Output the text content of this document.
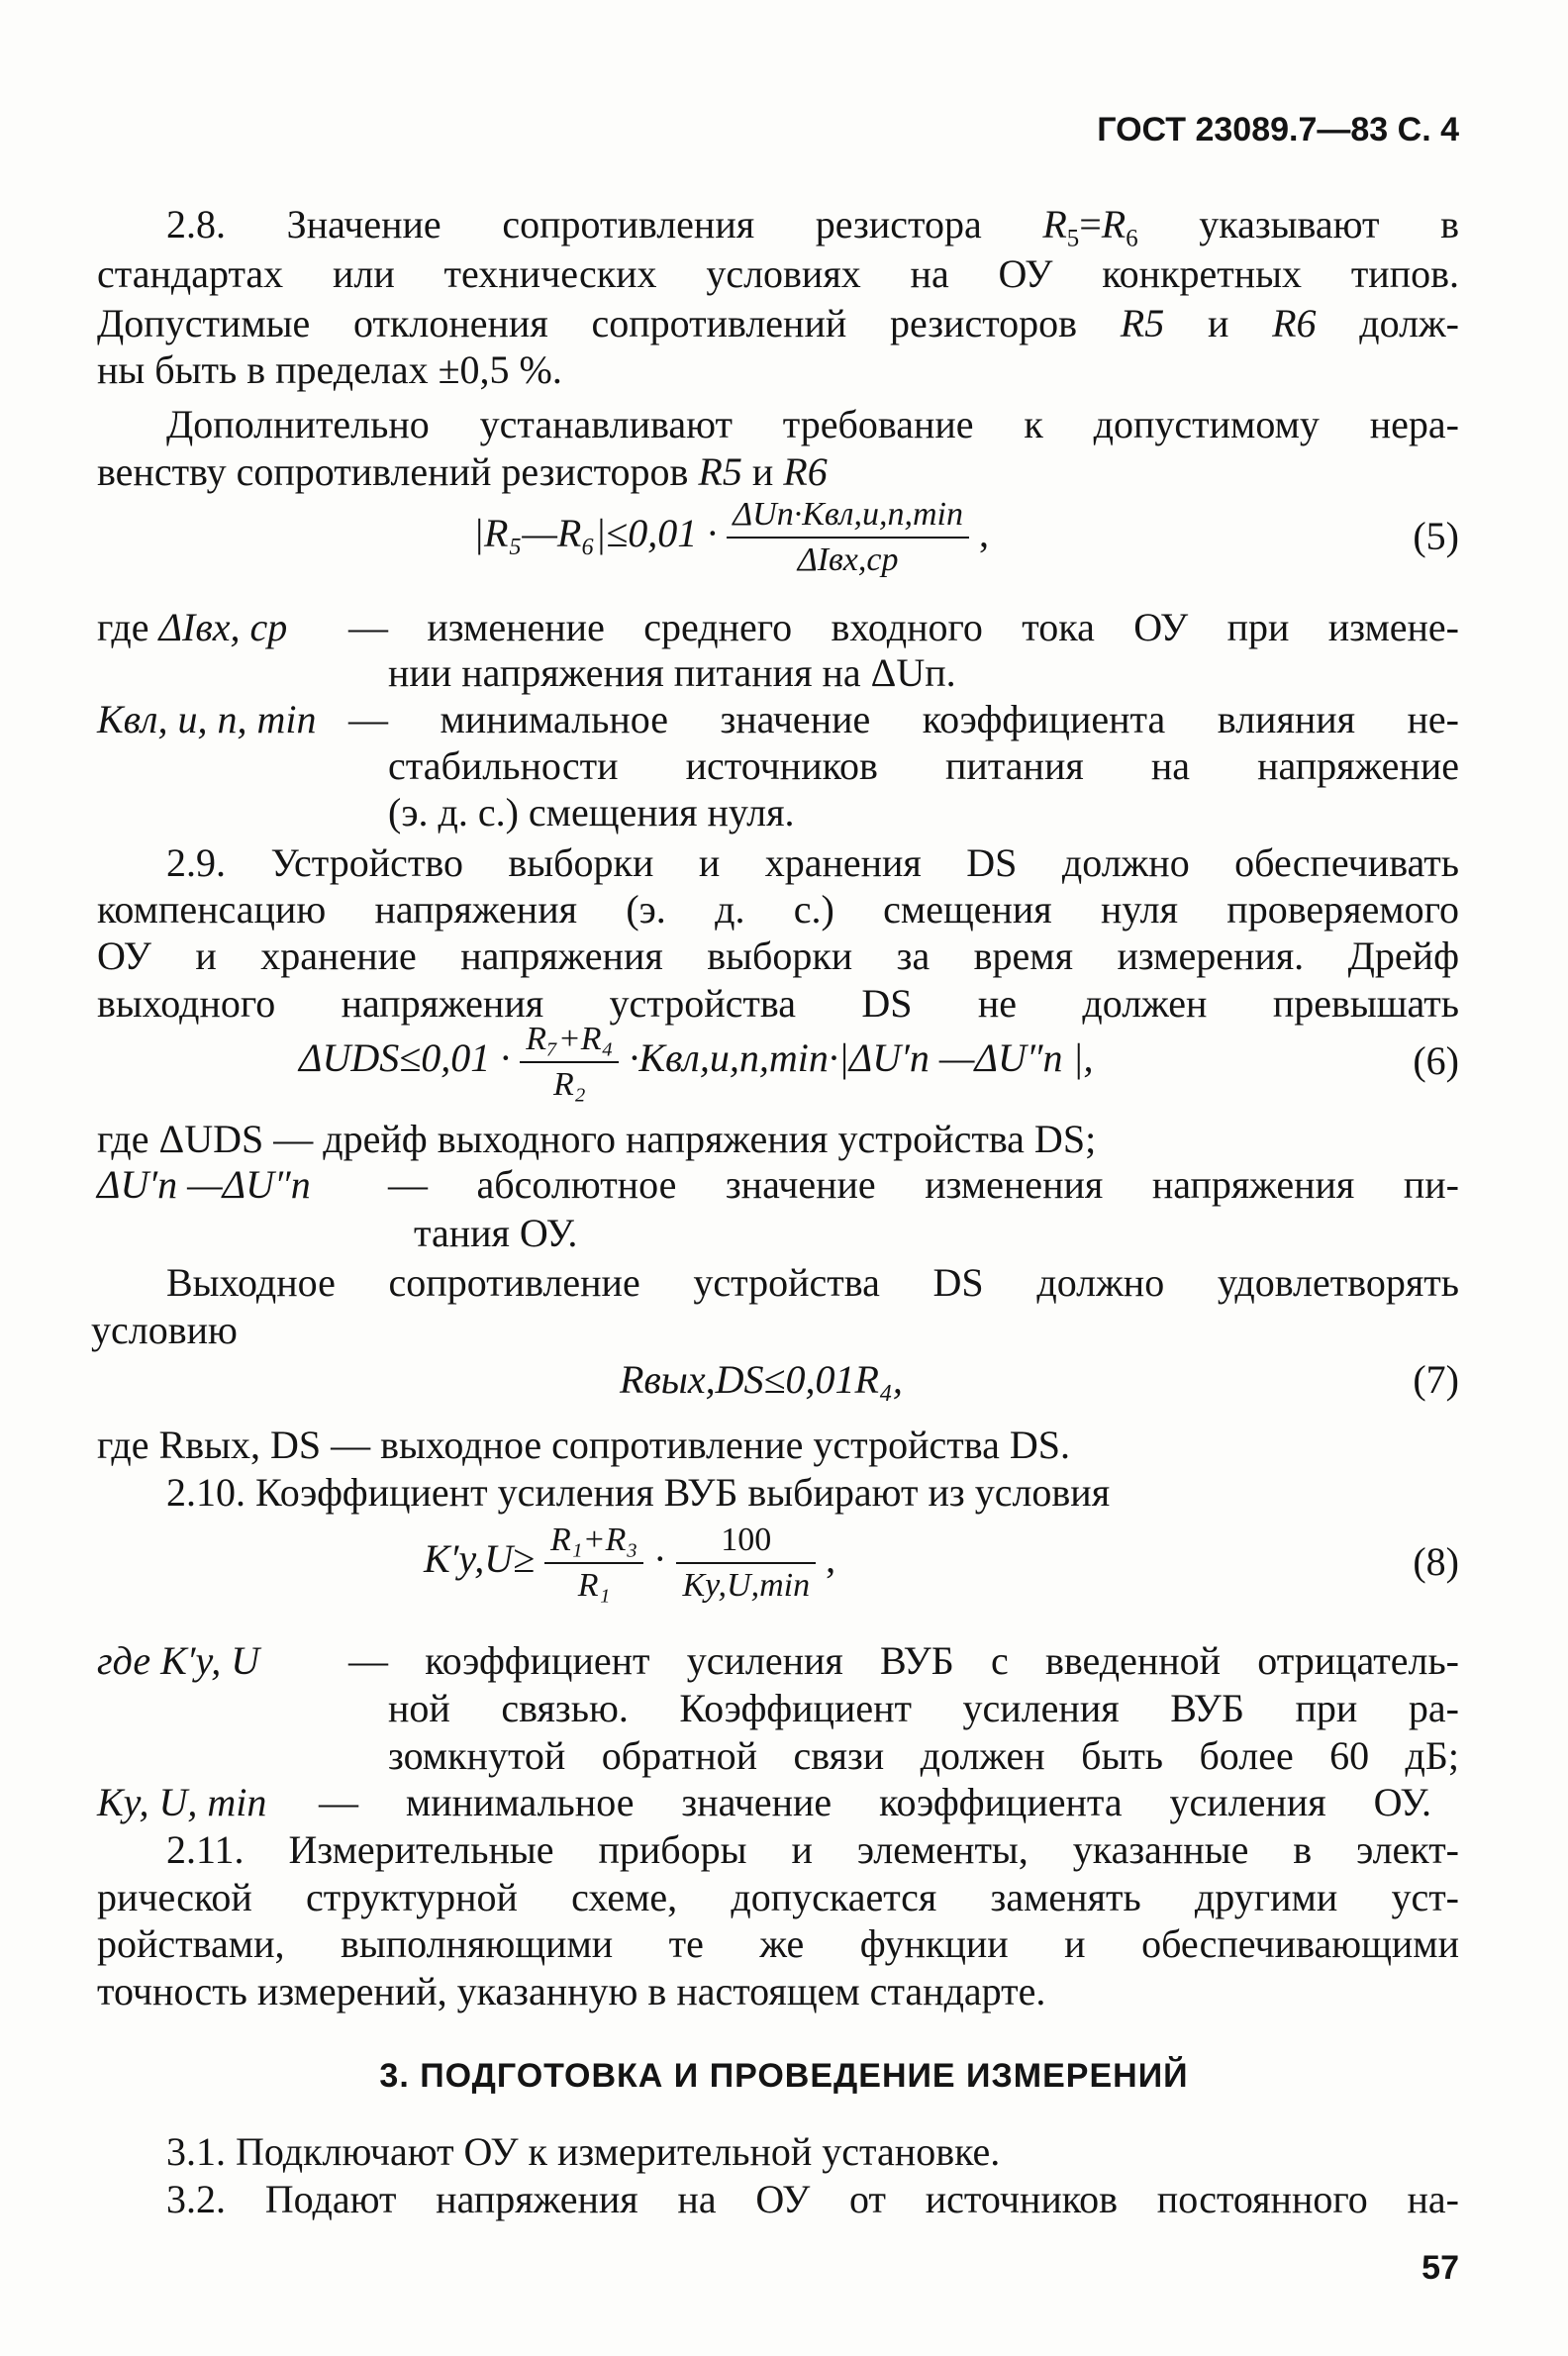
ГОСТ 23089.7—83 С. 4
2.8. Значение сопротивления резистора $R_5=R_6$ указывают в
стандартах или технических условиях на ОУ конкретных типов.
Допустимые отклонения сопротивлений резисторов R5 и R6 долж-
ны быть в пределах ±0,5 %.
Дополнительно устанавливают требование к допустимому нера-
венству сопротивлений резисторов R5 и R6
|R₅—R₆|≤0,01 · $\frac{\text{ΔUп·Kвл,и,п,min}}{\text{ΔIвх,ср}}$ ,	(5)
где ΔIвх, ср — изменение среднего входного тока ОУ при измене-
нии напряжения питания на ΔUп.
Kвл, и, п, min — минимальное значение коэффициента влияния не-
стабильности источников питания на напряжение
(э. д. с.) смещения нуля.
2.9. Устройство выборки и хранения DS должно обеспечивать
компенсацию напряжения (э. д. с.) смещения нуля проверяемого
ОУ и хранение напряжения выборки за время измерения. Дрейф
выходного напряжения устройства DS не должен превышать
$\Delta UDS\le 0,01 \cdot \frac{\text{R₇+R₄}}{\text{R₂}} \cdot Kвл,и,п,\min\cdot|\Delta U'п$ —ΔU″п |,	(6)
где ΔUDS — дрейф выходного напряжения устройства DS;
ΔU′п —ΔU″п — абсолютное значение изменения напряжения пи-
тания ОУ.
Выходное сопротивление устройства DS должно удовлетворять
условию
Rвых,DS≤0,01R₄,	(7)
где Rвых, DS — выходное сопротивление устройства DS.
2.10. Коэффициент усиления ВУБ выбирают из условия
$K'у,U\ge \frac{\text{R₁+R₃}}{\text{R₁}} \cdot \frac{100}{Kу,U,\min}$ ,	(8)
где K′у, U — коэффициент усиления ВУБ с введенной отрицатель-
ной связью. Коэффициент усиления ВУБ при ра-
зомкнутой обратной связи должен быть более 60 дБ;
Kу, U, min — минимальное значение коэффициента усиления ОУ.
2.11. Измерительные приборы и элементы, указанные в элект-
рической структурной схеме, допускается заменять другими уст-
ройствами, выполняющими те же функции и обеспечивающими
точность измерений, указанную в настоящем стандарте.
3. ПОДГОТОВКА И ПРОВЕДЕНИЕ ИЗМЕРЕНИЙ
3.1. Подключают ОУ к измерительной установке.
3.2. Подают напряжения на ОУ от источников постоянного на-
57
